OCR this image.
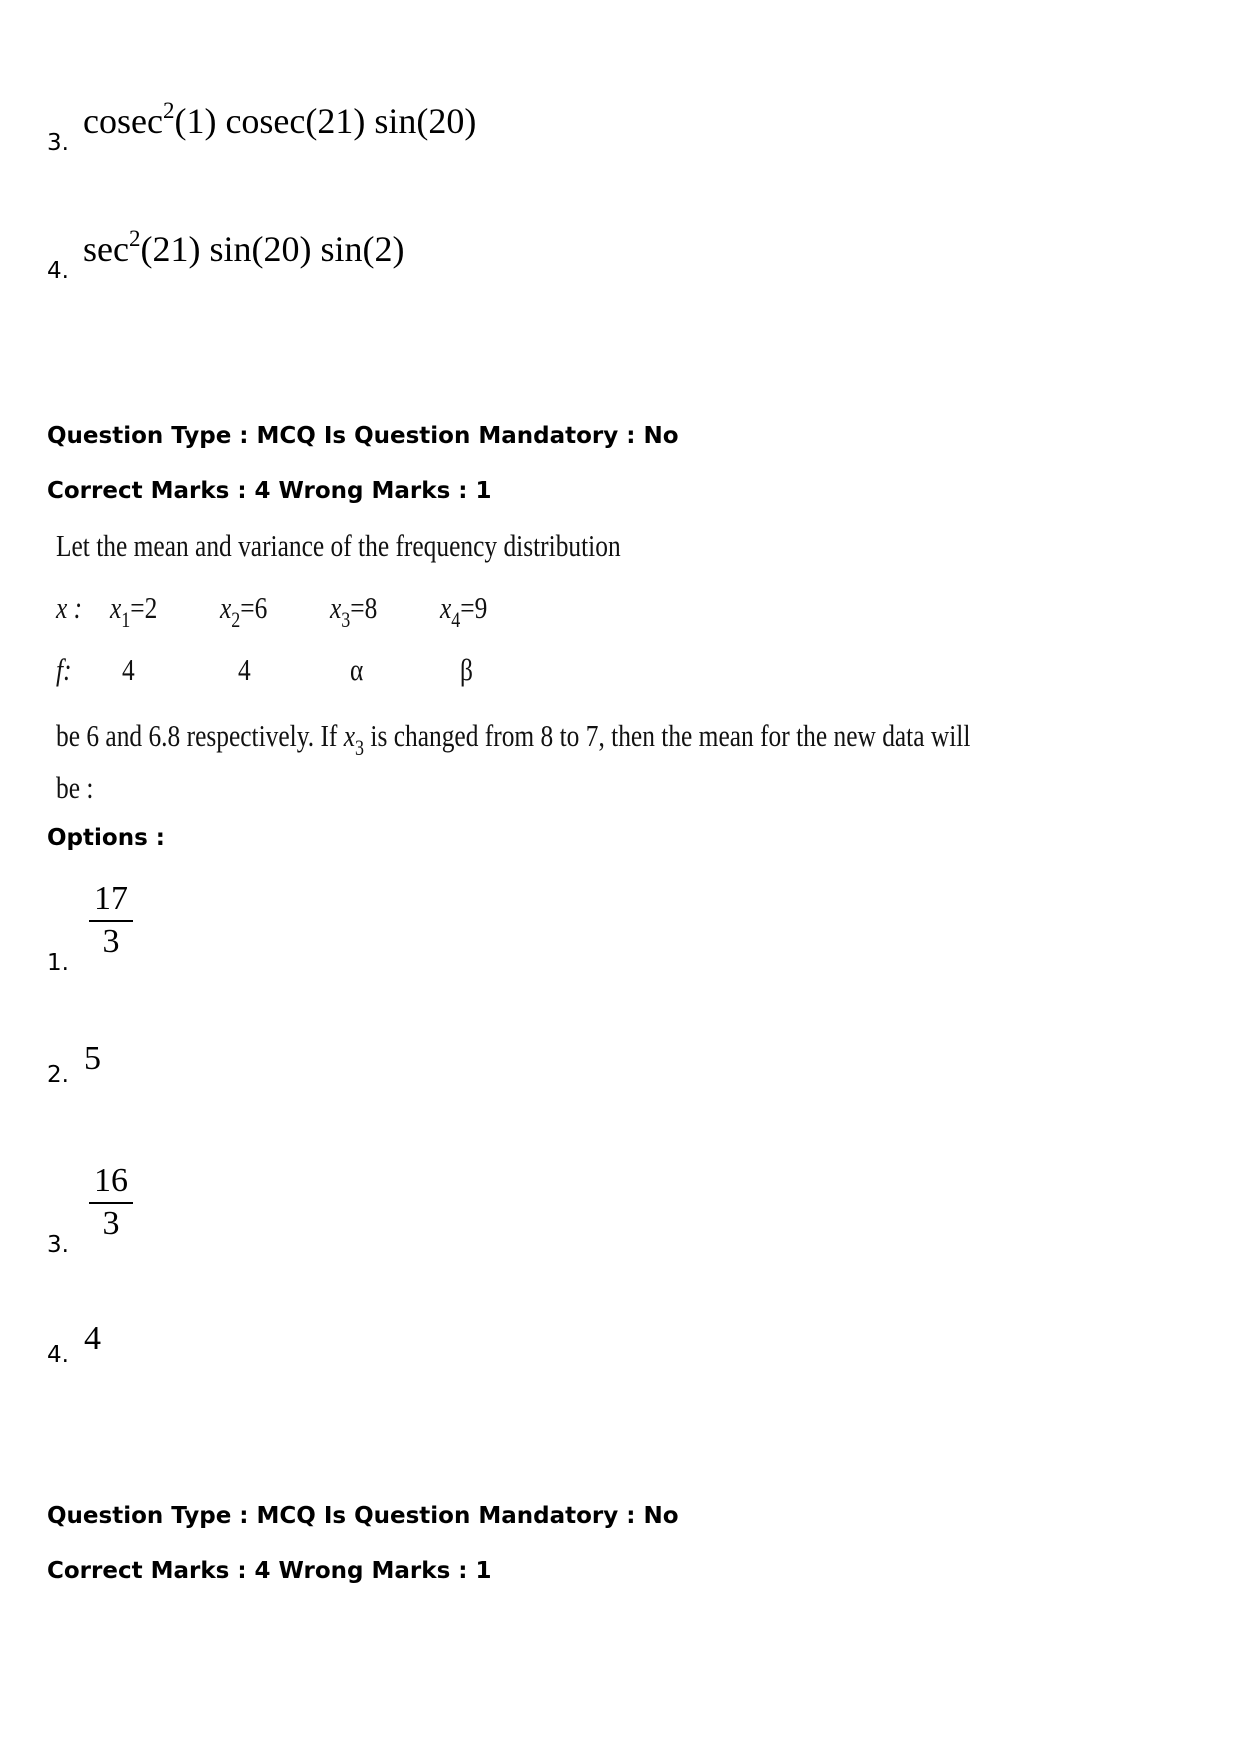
3.
cosec$^2$(1) cosec(21) sin(20)
4.
$\sec^2(21)$ sin(20) sin(2)
Question Type : MCQ Is Question Mandatory : No
Correct Marks : 4 Wrong Marks : 1
Let the mean and variance of the frequency distribution
x : $x_1=2$ $x_2=6$ $x_3=8$ $x_4=9$
f: 4	4	α	β
be 6 and 6.8 respectively. If $x_3$ is changed from 8 to 7, then the mean for the new data will
be :
Options :
1.
17
3
2. 5
3.
16
3
4. 4
Question Type : MCQ Is Question Mandatory : No
Correct Marks : 4 Wrong Marks : 1
